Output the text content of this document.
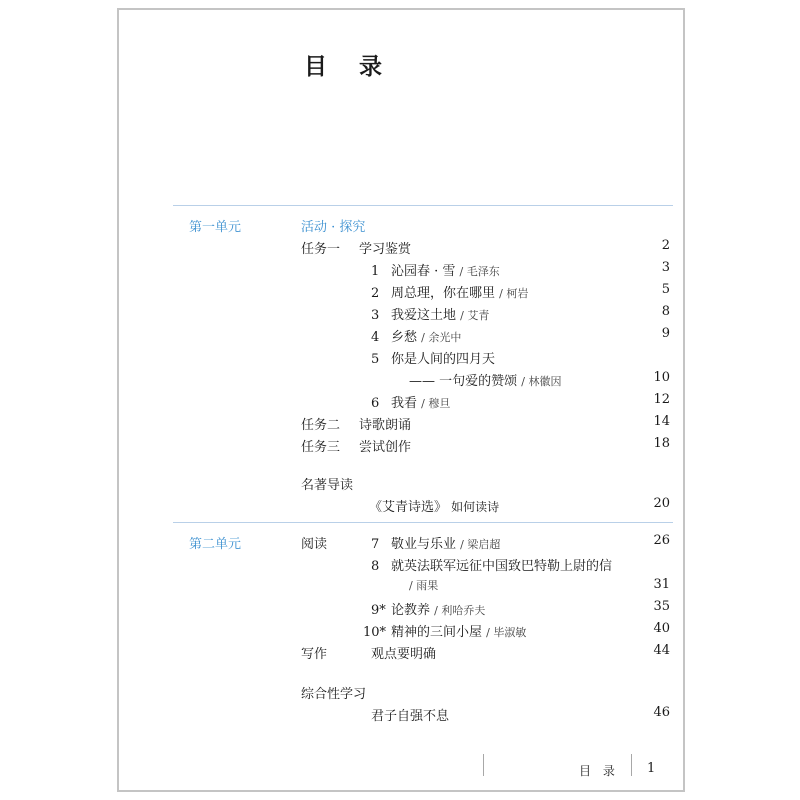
目 录
第一单元	活动 · 探究
任务一 学习鉴赏	2
1 沁园春 · 雪 / 毛泽东	3
2 周总理，你在哪里 / 柯岩	5
3 我爱这土地 / 艾青	8
4 乡愁 / 余光中	9
5 你是人间的四月天
—— 一句爱的赞颂 / 林徽因	10
6 我看 / 穆旦	12
任务二 诗歌朗诵	14
任务三 尝试创作	18
名著导读
《艾青诗选》 如何读诗	20
第二单元	阅读	7 敬业与乐业 / 梁启超	26
8 就英法联军远征中国致巴特勒上尉的信
/ 雨果	31
9* 论教养 / 利哈乔夫	35
10* 精神的三间小屋 / 毕淑敏	40
写作	观点要明确	44
综合性学习
君子自强不息	46
目 录 1
